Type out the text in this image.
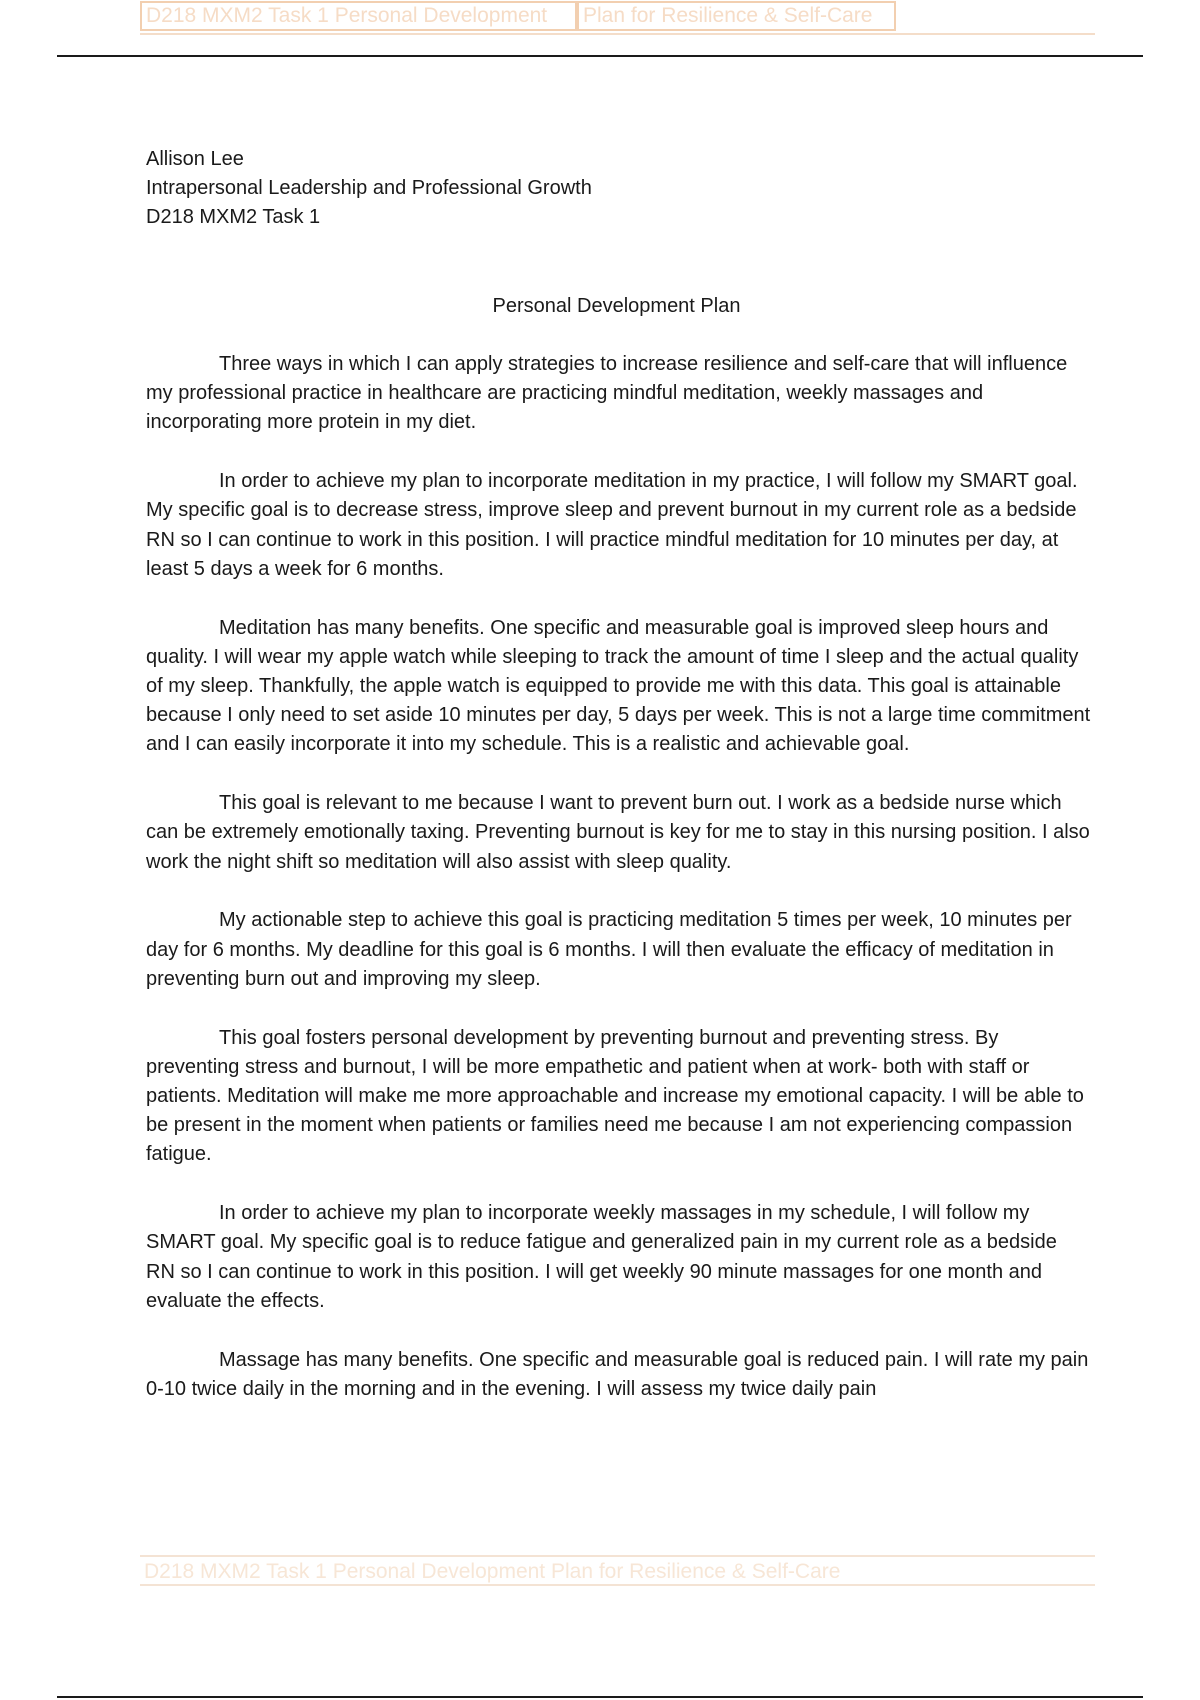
D218 MXM2 Task 1 Personal Development	Plan for Resilience & Self-Care
Allison Lee
Intrapersonal Leadership and Professional Growth
D218 MXM2 Task 1
Personal Development Plan

Three ways in which I can apply strategies to increase resilience and self-care that will influence my professional practice in healthcare are practicing mindful meditation, weekly massages and incorporating more protein in my diet.

In order to achieve my plan to incorporate meditation in my practice, I will follow my SMART goal. My specific goal is to decrease stress, improve sleep and prevent burnout in my current role as a bedside RN so I can continue to work in this position. I will practice mindful meditation for 10 minutes per day, at least 5 days a week for 6 months.

Meditation has many benefits. One specific and measurable goal is improved sleep hours and quality. I will wear my apple watch while sleeping to track the amount of time I sleep and the actual quality of my sleep. Thankfully, the apple watch is equipped to provide me with this data. This goal is attainable because I only need to set aside 10 minutes per day, 5 days per week. This is not a large time commitment and I can easily incorporate it into my schedule. This is a realistic and achievable goal.

This goal is relevant to me because I want to prevent burn out. I work as a bedside nurse which can be extremely emotionally taxing. Preventing burnout is key for me to stay in this nursing position. I also work the night shift so meditation will also assist with sleep quality.

My actionable step to achieve this goal is practicing meditation 5 times per week, 10 minutes per day for 6 months. My deadline for this goal is 6 months. I will then evaluate the efficacy of meditation in preventing burn out and improving my sleep.

This goal fosters personal development by preventing burnout and preventing stress. By preventing stress and burnout, I will be more empathetic and patient when at work- both with staff or patients. Meditation will make me more approachable and increase my emotional capacity. I will be able to be present in the moment when patients or families need me because I am not experiencing compassion fatigue.

In order to achieve my plan to incorporate weekly massages in my schedule, I will follow my SMART goal. My specific goal is to reduce fatigue and generalized pain in my current role as a bedside RN so I can continue to work in this position. I will get weekly 90 minute massages for one month and evaluate the effects.

Massage has many benefits. One specific and measurable goal is reduced pain. I will rate my pain 0-10 twice daily in the morning and in the evening. I will assess my twice daily pain

D218 MXM2 Task 1 Personal Development Plan for Resilience & Self-Care
